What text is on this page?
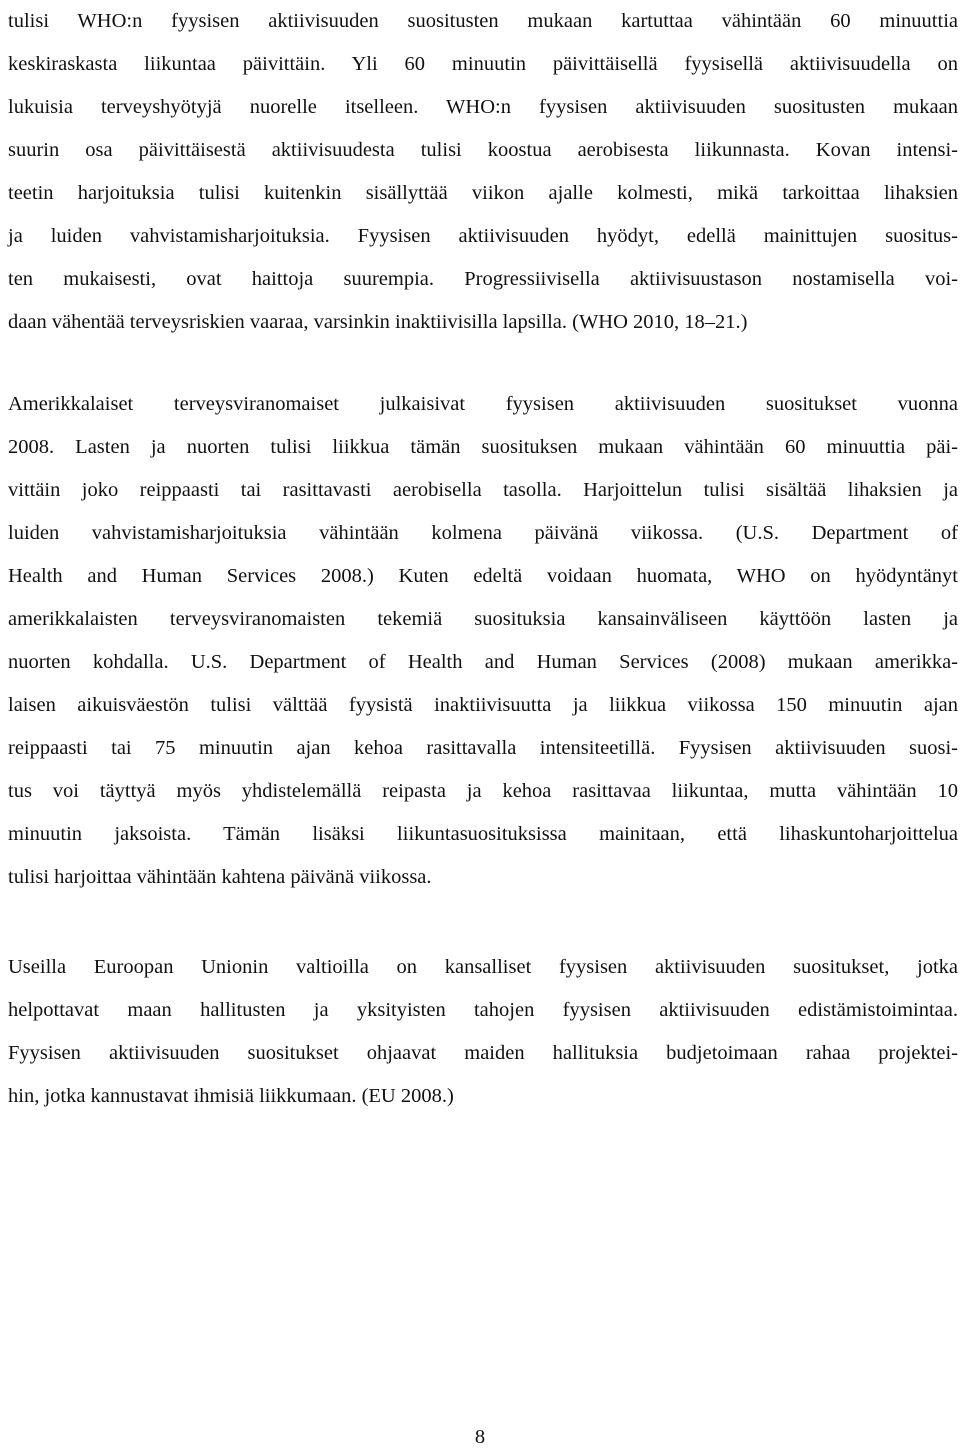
tulisi WHO:n fyysisen aktiivisuuden suositusten mukaan kartuttaa vähintään 60 minuuttia
keskiraskasta liikuntaa päivittäin. Yli 60 minuutin päivittäisellä fyysisellä aktiivisuudella on
lukuisia terveyshyötyjä nuorelle itselleen. WHO:n fyysisen aktiivisuuden suositusten mukaan
suurin osa päivittäisestä aktiivisuudesta tulisi koostua aerobisesta liikunnasta. Kovan intensi-
teetin harjoituksia tulisi kuitenkin sisällyttää viikon ajalle kolmesti, mikä tarkoittaa lihaksien
ja luiden vahvistamisharjoituksia. Fyysisen aktiivisuuden hyödyt, edellä mainittujen suositus-
ten mukaisesti, ovat haittoja suurempia. Progressiivisella aktiivisuustason nostamisella voi-
daan vähentää terveysriskien vaaraa, varsinkin inaktiivisilla lapsilla. (WHO 2010, 18–21.)
Amerikkalaiset terveysviranomaiset julkaisivat fyysisen aktiivisuuden suositukset vuonna
2008. Lasten ja nuorten tulisi liikkua tämän suosituksen mukaan vähintään 60 minuuttia päi-
vittäin joko reippaasti tai rasittavasti aerobisella tasolla. Harjoittelun tulisi sisältää lihaksien ja
luiden vahvistamisharjoituksia vähintään kolmena päivänä viikossa. (U.S. Department of
Health and Human Services 2008.) Kuten edeltä voidaan huomata, WHO on hyödyntänyt
amerikkalaisten terveysviranomaisten tekemiä suosituksia kansainväliseen käyttöön lasten ja
nuorten kohdalla. U.S. Department of Health and Human Services (2008) mukaan amerikka-
laisen aikuisväestön tulisi välttää fyysistä inaktiivisuutta ja liikkua viikossa 150 minuutin ajan
reippaasti tai 75 minuutin ajan kehoa rasittavalla intensiteetillä. Fyysisen aktiivisuuden suosi-
tus voi täyttyä myös yhdistelemällä reipasta ja kehoa rasittavaa liikuntaa, mutta vähintään 10
minuutin jaksoista. Tämän lisäksi liikuntasuosituksissa mainitaan, että lihaskuntoharjoittelua
tulisi harjoittaa vähintään kahtena päivänä viikossa.
Useilla Euroopan Unionin valtioilla on kansalliset fyysisen aktiivisuuden suositukset, jotka
helpottavat maan hallitusten ja yksityisten tahojen fyysisen aktiivisuuden edistämistoimintaa.
Fyysisen aktiivisuuden suositukset ohjaavat maiden hallituksia budjetoimaan rahaa projektei-
hin, jotka kannustavat ihmisiä liikkumaan. (EU 2008.)
8
